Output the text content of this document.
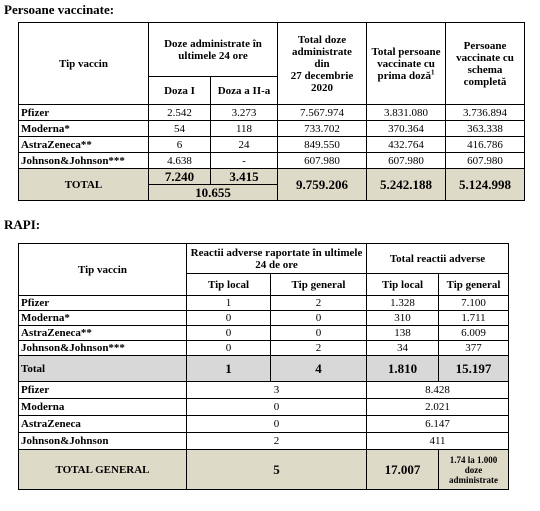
Persoane vaccinate:
Tip vaccin	Doze administrate în ultimele 24 ore		Total doze administrate
din
27 decembrie
2020	Total persoane vaccinate cu prima doză$^1$	Persoane vaccinate cu schema completă
	Doza I	Doza a II-a			
Pfizer	2.542	3.273	7.567.974	3.831.080	3.736.894
Moderna*	54	118	733.702	370.364	363.338
AstraZeneca**	6	24	849.550	432.764	416.786
Johnson&Johnson***	4.638	-	607.980	607.980	607.980
TOTAL	7.240	3.415	9.759.206	5.242.188	5.124.998
	10.655				
RAPI:
Tip vaccin	Reactii adverse raportate în ultimele 24 de ore		Total reactii adverse	
	Tip local	Tip general	Tip local	Tip general
Pfizer	1	2	1.328	7.100
Moderna*	0	0	310	1.711
AstraZeneca**	0	0	138	6.009
Johnson&Johnson***	0	2	34	377
Total	1	4	1.810	15.197
Pfizer	3		8.428	
Moderna	0		2.021	
AstraZeneca	0		6.147	
Johnson&Johnson	2		411	
TOTAL GENERAL	5		17.007	1.74 la 1.000 doze administrate
